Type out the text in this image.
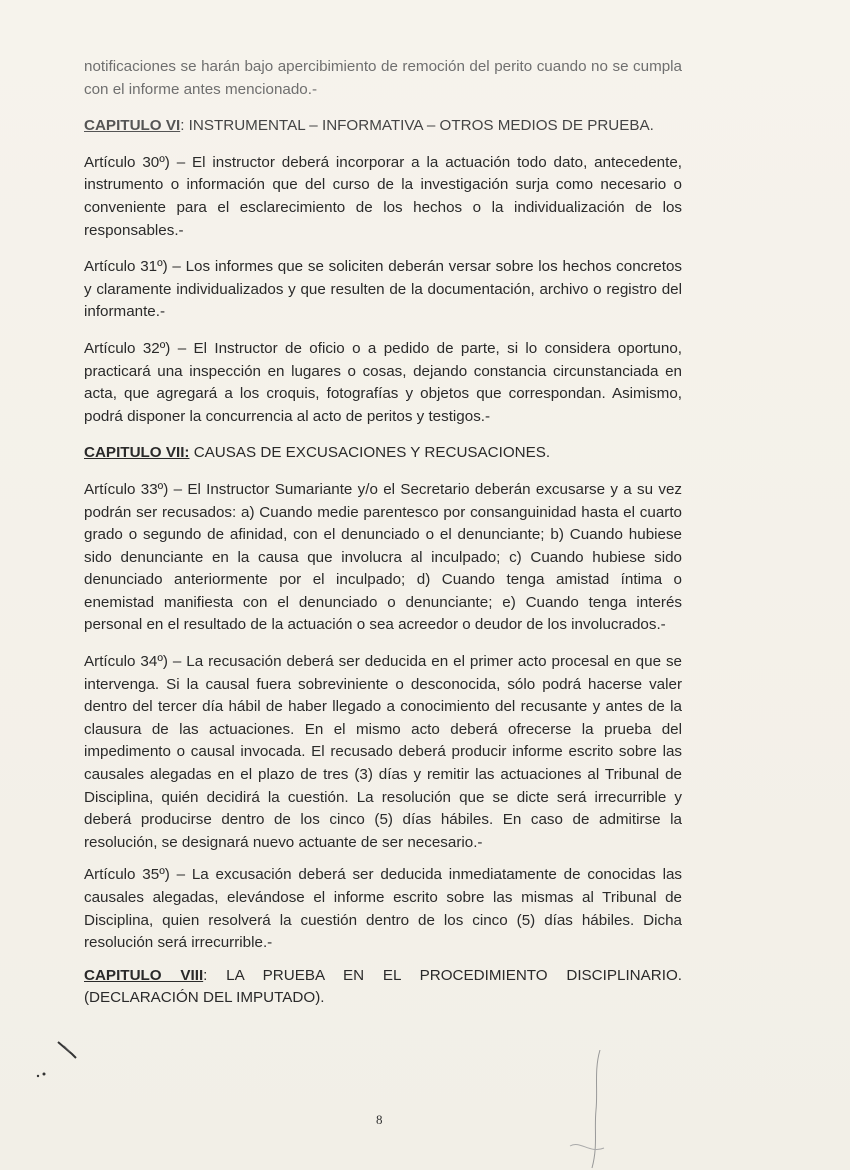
notificaciones se harán bajo apercibimiento de remoción del perito cuando no se cumpla con el informe antes mencionado.-

CAPITULO VI: INSTRUMENTAL – INFORMATIVA – OTROS MEDIOS DE PRUEBA.

Artículo 30º) – El instructor deberá incorporar a la actuación todo dato, antecedente, instrumento o información que del curso de la investigación surja como necesario o conveniente para el esclarecimiento de los hechos o la individualización de los responsables.-

Artículo 31º) – Los informes que se soliciten deberán versar sobre los hechos concretos y claramente individualizados y que resulten de la documentación, archivo o registro del informante.-

Artículo 32º) – El Instructor de oficio o a pedido de parte, si lo considera oportuno, practicará una inspección en lugares o cosas, dejando constancia circunstanciada en acta, que agregará a los croquis, fotografías y objetos que correspondan. Asimismo, podrá disponer la concurrencia al acto de peritos y testigos.-

CAPITULO VII: CAUSAS DE EXCUSACIONES Y RECUSACIONES.

Artículo 33º) – El Instructor Sumariante y/o el Secretario deberán excusarse y a su vez podrán ser recusados: a) Cuando medie parentesco por consanguinidad hasta el cuarto grado o segundo de afinidad, con el denunciado o el denunciante; b) Cuando hubiese sido denunciante en la causa que involucra al inculpado; c) Cuando hubiese sido denunciado anteriormente por el inculpado; d) Cuando tenga amistad íntima o enemistad manifiesta con el denunciado o denunciante; e) Cuando tenga interés personal en el resultado de la actuación o sea acreedor o deudor de los involucrados.-

Artículo 34º) – La recusación deberá ser deducida en el primer acto procesal en que se intervenga. Si la causal fuera sobreviniente o desconocida, sólo podrá hacerse valer dentro del tercer día hábil de haber llegado a conocimiento del recusante y antes de la clausura de las actuaciones. En el mismo acto deberá ofrecerse la prueba del impedimento o causal invocada. El recusado deberá producir informe escrito sobre las causales alegadas en el plazo de tres (3) días y remitir las actuaciones al Tribunal de Disciplina, quién decidirá la cuestión. La resolución que se dicte será irrecurrible y deberá producirse dentro de los cinco (5) días hábiles. En caso de admitirse la resolución, se designará nuevo actuante de ser necesario.-

Artículo 35º) – La excusación deberá ser deducida inmediatamente de conocidas las causales alegadas, elevándose el informe escrito sobre las mismas al Tribunal de Disciplina, quien resolverá la cuestión dentro de los cinco (5) días hábiles. Dicha resolución será irrecurrible.-

CAPITULO VIII: LA PRUEBA EN EL PROCEDIMIENTO DISCIPLINARIO. (DECLARACIÓN DEL IMPUTADO).

8
